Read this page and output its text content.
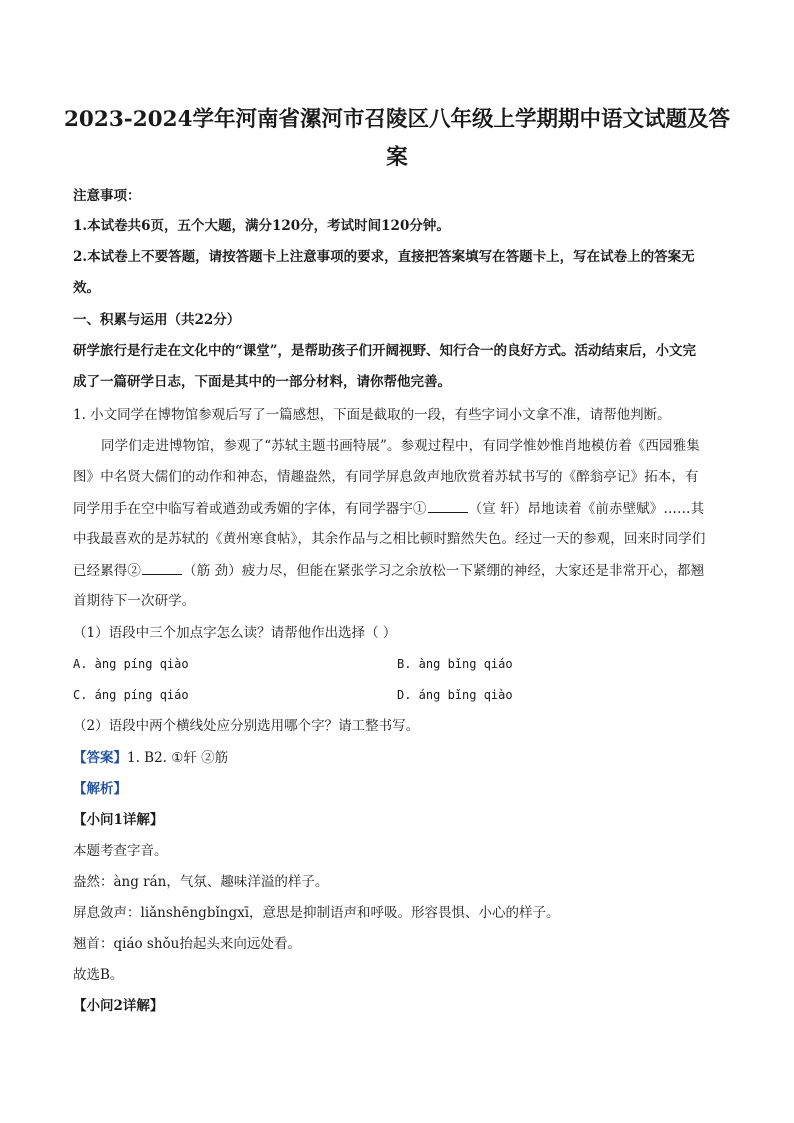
2023-2024学年河南省漯河市召陵区八年级上学期期中语文试题及答
案
注意事项：
1.本试卷共6页，五个大题，满分120分，考试时间120分钟。
2.本试卷上不要答题，请按答题卡上注意事项的要求，直接把答案填写在答题卡上，写在试卷上的答案无
效。
一、积累与运用（共22分）
研学旅行是行走在文化中的“课堂”，是帮助孩子们开阔视野、知行合一的良好方式。活动结束后，小文完
成了一篇研学日志，下面是其中的一部分材料，请你帮他完善。
1. 小文同学在博物馆参观后写了一篇感想，下面是截取的一段，有些字词小文拿不准，请帮他判断。
同学们走进博物馆，参观了“苏轼主题书画特展”。参观过程中，有同学惟妙惟肖地模仿着《西园雅集
图》中名贤大儒们的动作和神态，情趣盎然，有同学屏息敛声地欣赏着苏轼书写的《醉翁亭记》拓本，有
同学用手在空中临写着或遒劲或秀媚的字体，有同学器宇①	（宣 轩）昂地读着《前赤壁赋》……其
中我最喜欢的是苏轼的《黄州寒食帖》，其余作品与之相比顿时黯然失色。经过一天的参观，回来时同学们
已经累得②	（筋 劲）疲力尽，但能在紧张学习之余放松一下紧绷的神经，大家还是非常开心，都翘
首期待下一次研学。
（1）语段中三个加点字怎么读？请帮他作出选择（ ）
A. àng píng qiào	B. àng bǐng qiáo
C. áng píng qiáo	D. áng bǐng qiào
（2）语段中两个横线处应分别选用哪个字？请工整书写。
【答案】1. B2. ①轩 ②筋
【解析】
【小问1详解】
本题考查字音。
盎然：àng rán，气氛、趣味洋溢的样子。
屏息敛声：liǎnshēngbǐngxī，意思是抑制语声和呼吸。形容畏惧、小心的样子。
翘首：qiáo shǒu抬起头来向远处看。
故选B。
【小问2详解】
